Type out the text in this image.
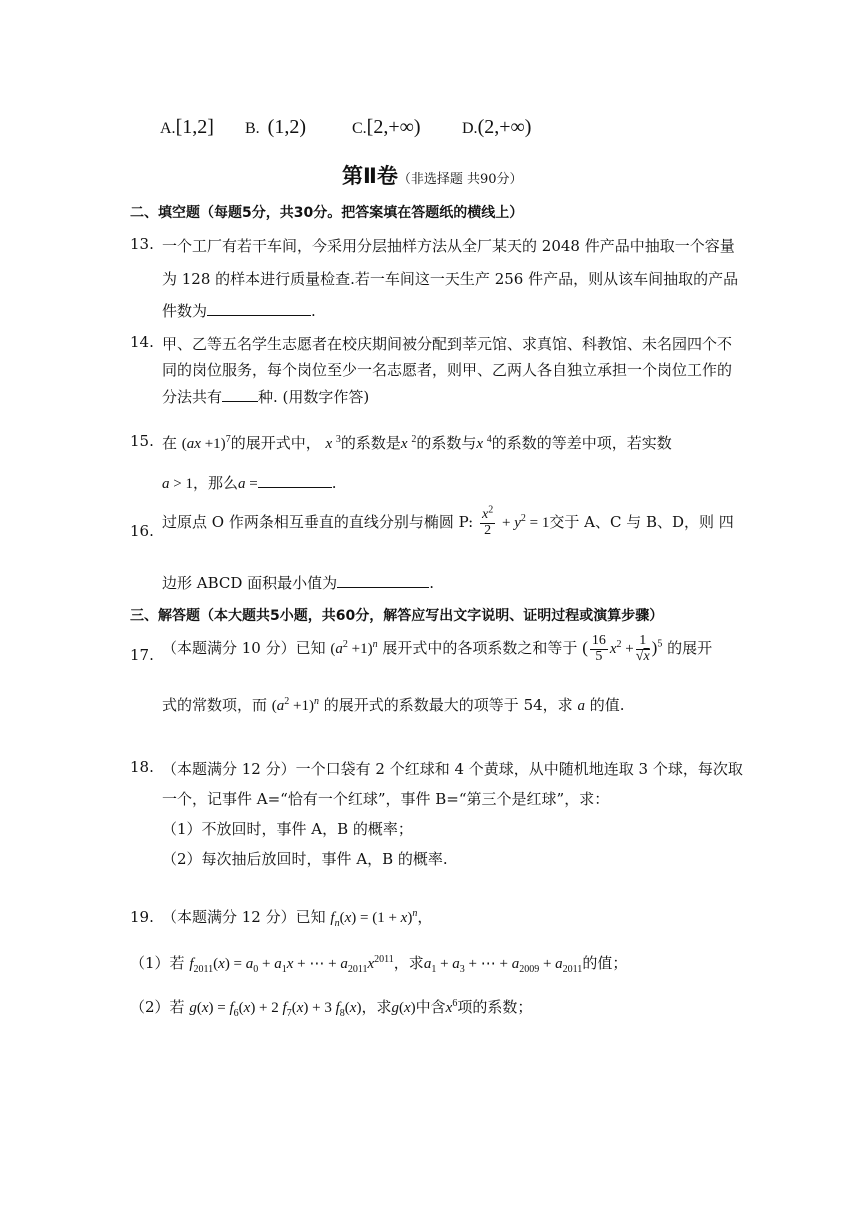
A.[1,2] B. (1,2)	C.[2,+∞)	D.(2,+∞)
第Ⅱ卷（非选择题 共90分）
二、填空题（每题5分，共30分。把答案填在答题纸的横线上）
13. 一个工厂有若干车间，今采用分层抽样方法从全厂某天的 2048 件产品中抽取一个容量
为 128 的样本进行质量检查.若一车间这一天生产 256 件产品，则从该车间抽取的产品
件数为	.
14. 甲、乙等五名学生志愿者在校庆期间被分配到莘元馆、求真馆、科教馆、未名园四个不
同的岗位服务，每个岗位至少一名志愿者，则甲、乙两人各自独立承担一个岗位工作的
分法共有 种. (用数字作答)
15. 在 (ax +1)$^7$的展开式中， x $^3$的系数是x $^2$的系数与x $^4$的系数的等差中项，若实数
a > 1，那么a =	.
16. 过原点 O 作两条相互垂直的直线分别与椭圆 P: $\frac{x^2}{2} + y^2 = 1$交于 A、C 与 B、D，则 四
边形 ABCD 面积最小值为	.
三、解答题（本大题共5小题，共60分，解答应写出文字说明、证明过程或演算步骤）
17. （本题满分 10 分）已知 $(a^2 +1)^n$ 展开式中的各项系数之和等于 ( $\frac{16}{5} x^2 + \frac{1}{√x} )^5$ 的展开
式的常数项，而 $(a^2 +1)^n$ 的展开式的系数最大的项等于 54，求 a 的值.
18. （本题满分 12 分）一个口袋有 2 个红球和 4 个黄球，从中随机地连取 3 个球，每次取
一个，记事件 A=“恰有一个红球”，事件 B=“第三个是红球”，求：
（1）不放回时，事件 A，B 的概率；
（2）每次抽后放回时，事件 A，B 的概率.
19. （本题满分 12 分）已知 $f_n(x) = (1 + x)^n$，
（1）若 $f_{2011}(x) = a_0 + a_1x$ + ⋯ + $a_{2011}x^{2011}$，求$a_1 + a_3$ + ⋯ + $a_{2009} + a_{2011}$的值；
（2）若 $g(x) = f_6(x) + 2$ $f_7(x) + 3$ $f_8(x)$，求g(x)中含$x^6$项的系数；
